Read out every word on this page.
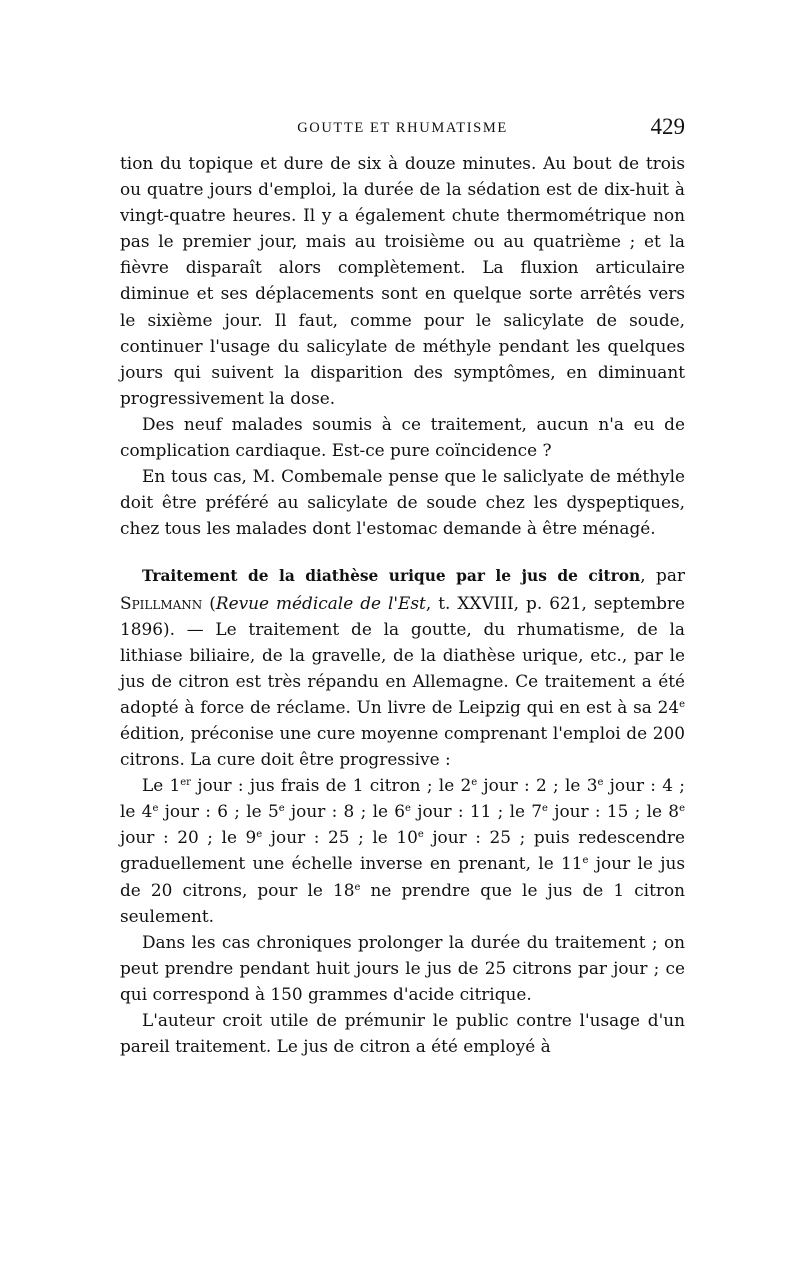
GOUTTE ET RHUMATISME	429

tion du topique et dure de six à douze minutes. Au bout de trois ou quatre jours d'emploi, la durée de la sédation est de dix-huit à vingt-quatre heures. Il y a également chute thermométrique non pas le premier jour, mais au troisième ou au quatrième ; et la fièvre disparaît alors complètement. La fluxion articulaire diminue et ses déplacements sont en quelque sorte arrêtés vers le sixième jour. Il faut, comme pour le salicylate de soude, continuer l'usage du salicylate de méthyle pendant les quelques jours qui suivent la disparition des symptômes, en diminuant progressivement la dose.

Des neuf malades soumis à ce traitement, aucun n'a eu de complication cardiaque. Est-ce pure coïncidence ?

En tous cas, M. Combemale pense que le saliclyate de méthyle doit être préféré au salicylate de soude chez les dyspeptiques, chez tous les malades dont l'estomac demande à être ménagé.

Traitement de la diathèse urique par le jus de citron, par Spillmann (Revue médicale de l'Est, t. XXVIII, p. 621, septembre 1896). — Le traitement de la goutte, du rhumatisme, de la lithiase biliaire, de la gravelle, de la diathèse urique, etc., par le jus de citron est très répandu en Allemagne. Ce traitement a été adopté à force de réclame. Un livre de Leipzig qui en est à sa 24e édition, préconise une cure moyenne comprenant l'emploi de 200 citrons. La cure doit être progressive :

Le 1er jour : jus frais de 1 citron ; le 2e jour : 2 ; le 3e jour : 4 ; le 4e jour : 6 ; le 5e jour : 8 ; le 6e jour : 11 ; le 7e jour : 15 ; le 8e jour : 20 ; le 9e jour : 25 ; le 10e jour : 25 ; puis redescendre graduellement une échelle inverse en prenant, le 11e jour le jus de 20 citrons, pour le 18e ne prendre que le jus de 1 citron seulement.

Dans les cas chroniques prolonger la durée du traitement ; on peut prendre pendant huit jours le jus de 25 citrons par jour ; ce qui correspond à 150 grammes d'acide citrique.

L'auteur croit utile de prémunir le public contre l'usage d'un pareil traitement. Le jus de citron a été employé à
